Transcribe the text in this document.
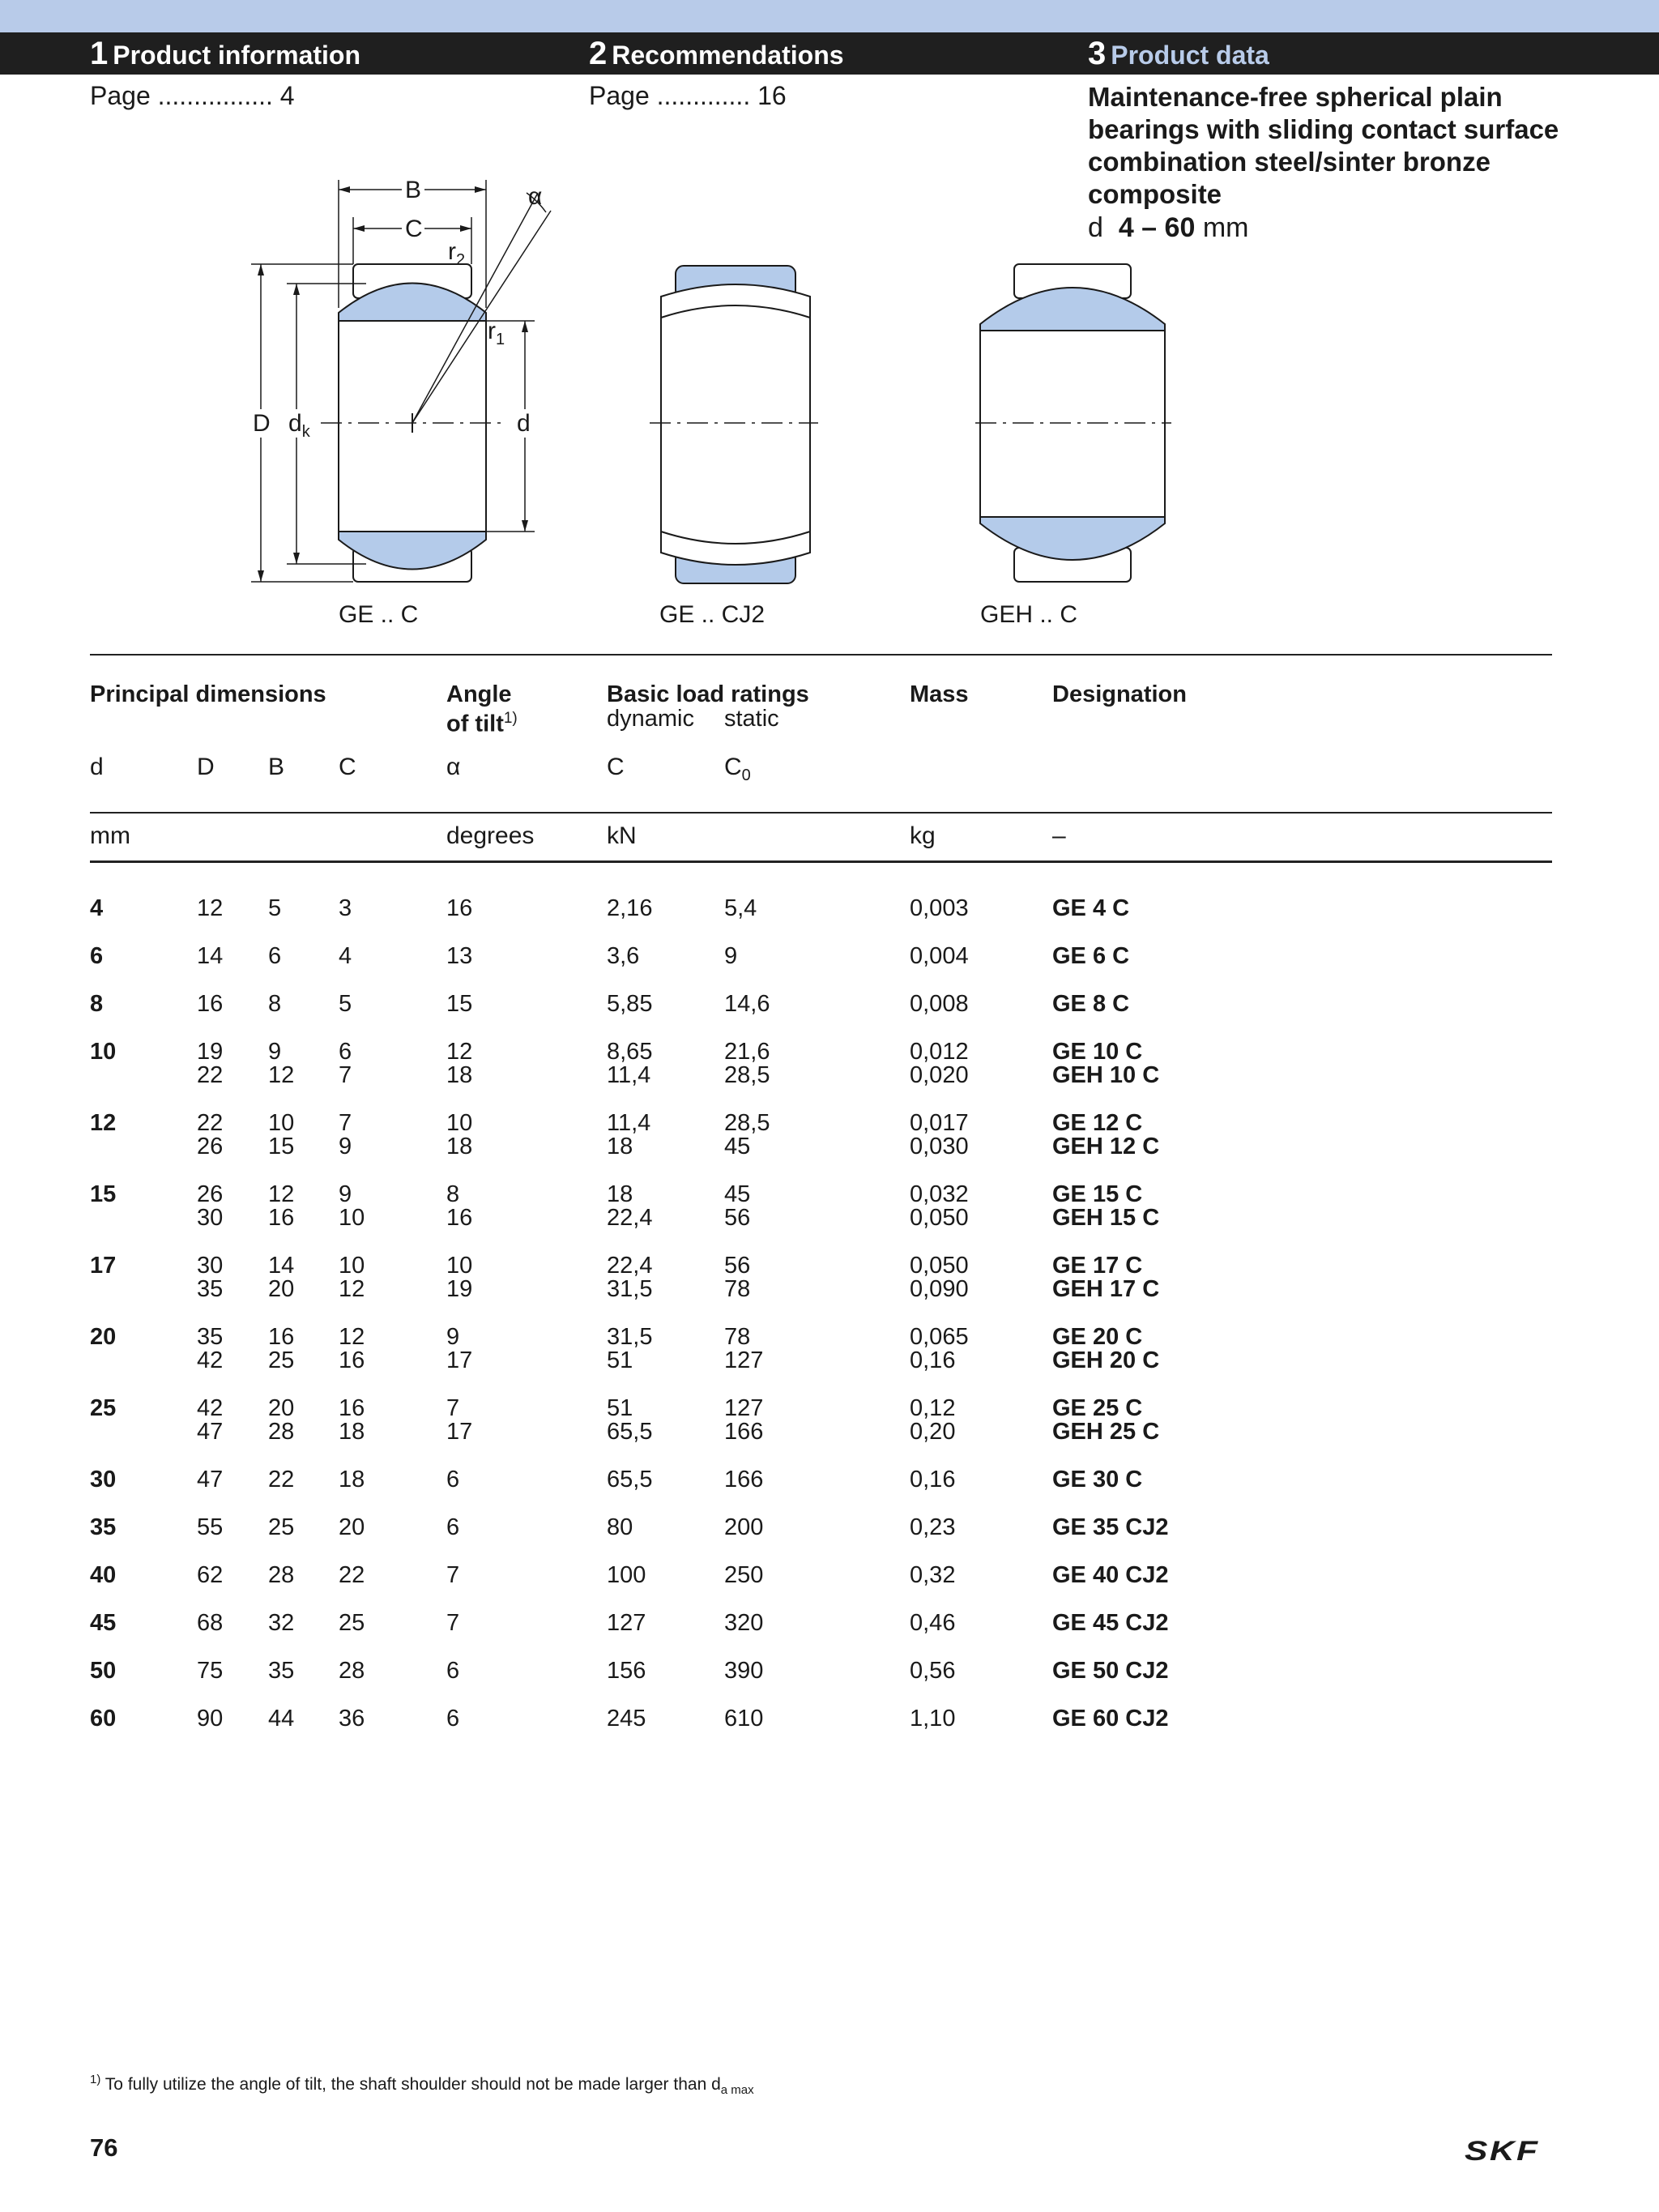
1 Product information	2 Recommendations	3 Product data
Page ................ 4	Page ............. 16	Maintenance-free spherical plain bearings with sliding contact surface combination steel/sinter bronze composite
d 4 – 60 mm
B
C
α
$r_2$
$r_1$
D $d_k$	d
GE .. C	GE .. CJ2	GEH .. C
Principal dimensions	Angle
of tilt$^{1)}$
Basic load ratings
dynamic static
Mass	Designation
d	D B C	α	C	$C_0$
mm	degrees	kN	kg	–
4	12 5 3	16	2,16	5,4	0,003	GE 4 C
6	14 6 4	13	3,6	9	0,004	GE 6 C
8	16 8 5	15	5,85	14,6	0,008	GE 8 C
10	19 9 6	12	8,65	21,6	0,012	GE 10 C
22 12 7	18	11,4	28,5	0,020	GEH 10 C
12	22 10 7	10	11,4	28,5	0,017	GE 12 C
26 15 9	18	18	45	0,030	GEH 12 C
15	26 12 9	8	18	45	0,032	GE 15 C
30 16 10	16	22,4	56	0,050	GEH 15 C
17	30 14 10	10	22,4	56	0,050	GE 17 C
35 20 12	19	31,5	78	0,090	GEH 17 C
20	35 16 12	9	31,5	78	0,065	GE 20 C
42 25 16	17	51	127	0,16	GEH 20 C
25	42 20 16	7	51	127	0,12	GE 25 C
47 28 18	17	65,5	166	0,20	GEH 25 C
30	47 22 18	6	65,5	166	0,16	GE 30 C
35	55 25 20	6	80	200	0,23	GE 35 CJ2
40	62 28 22	7	100	250	0,32	GE 40 CJ2
45	68 32 25	7	127	320	0,46	GE 45 CJ2
50	75 35 28	6	156	390	0,56	GE 50 CJ2
60	90 44 36	6	245	610	1,10	GE 60 CJ2
$^{1)}$ To fully utilize the angle of tilt, the shaft shoulder should not be made larger than $d_{a max}$
76	SKF
